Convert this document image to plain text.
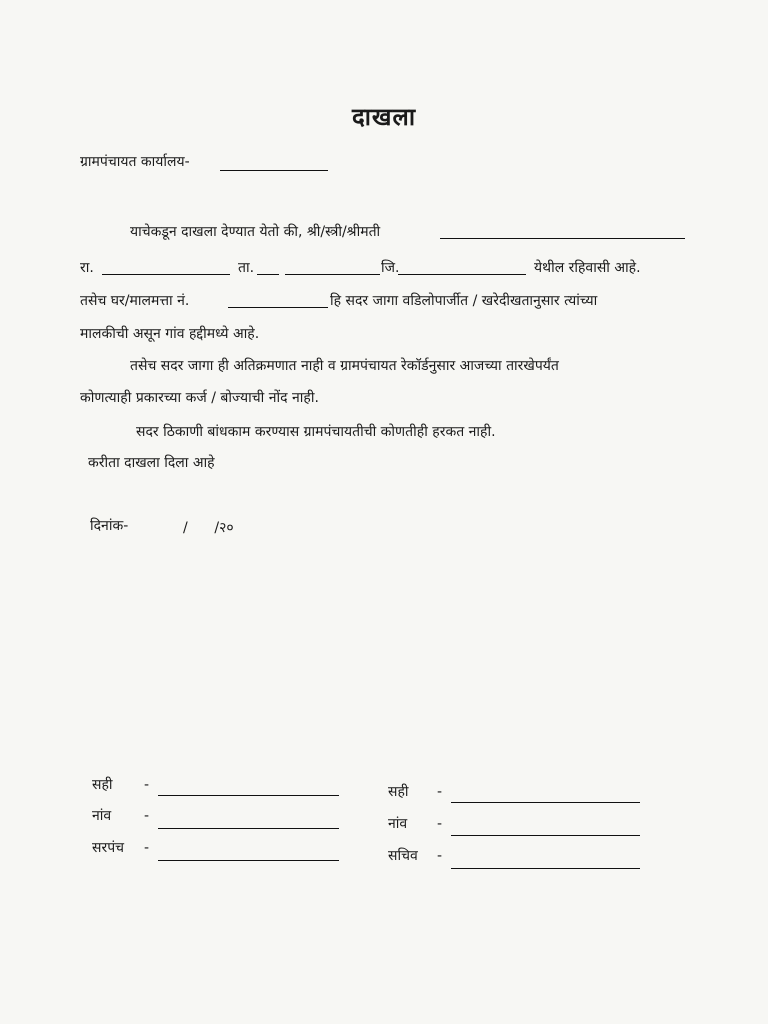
दाखला
ग्रामपंचायत कार्यालय-
याचेकडून दाखला देण्यात येतो की, श्री/स्त्री/श्रीमती
रा.	ता.	जि.	येथील रहिवासी आहे.
तसेच घर/मालमत्ता नं.	हि सदर जागा वडिलोपार्जीत / खरेदीखतानुसार त्यांच्या
मालकीची असून गांव हद्दीमध्ये आहे.
तसेच सदर जागा ही अतिक्रमणात नाही व ग्रामपंचायत रेकॉर्डनुसार आजच्या तारखेपर्यंत
कोणत्याही प्रकारच्या कर्ज / बोज्याची नोंद नाही.
सदर ठिकाणी बांधकाम करण्यास ग्रामपंचायतीची कोणतीही हरकत नाही.
करीता दाखला दिला आहे
दिनांक-	/      /२०
सही -
नांव -
सरपंच -
सही -
नांव -
सचिव -
